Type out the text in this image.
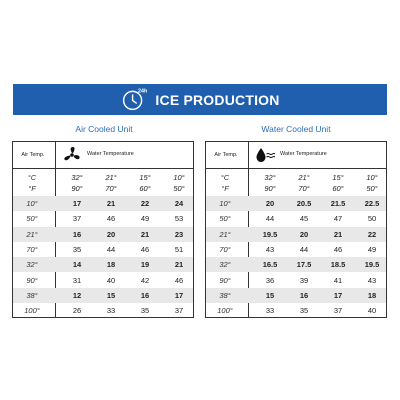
24h
ICE PRODUCTION
Air Cooled Unit	Water Cooled Unit
Air Temp.	Water Temperature
°C	32°	21°	15°	10°
°F	90°	70°	60°	50°
10°	17	21	22	24
50°	37	46	49	53
21°	16	20	21	23
70°	35	44	46	51
32°	14	18	19	21
90°	31	40	42	46
38°	12	15	16	17
100°	26	33	35	37
Air Temp.	Water Temperature
°C	32°	21°	15°	10°
°F	90°	70°	60°	50°
10°	20	20.5	21.5	22.5
50°	44	45	47	50
21°	19.5	20	21	22
70°	43	44	46	49
32°	16.5	17.5	18.5	19.5
90°	36	39	41	43
38°	15	16	17	18
100°	33	35	37	40
